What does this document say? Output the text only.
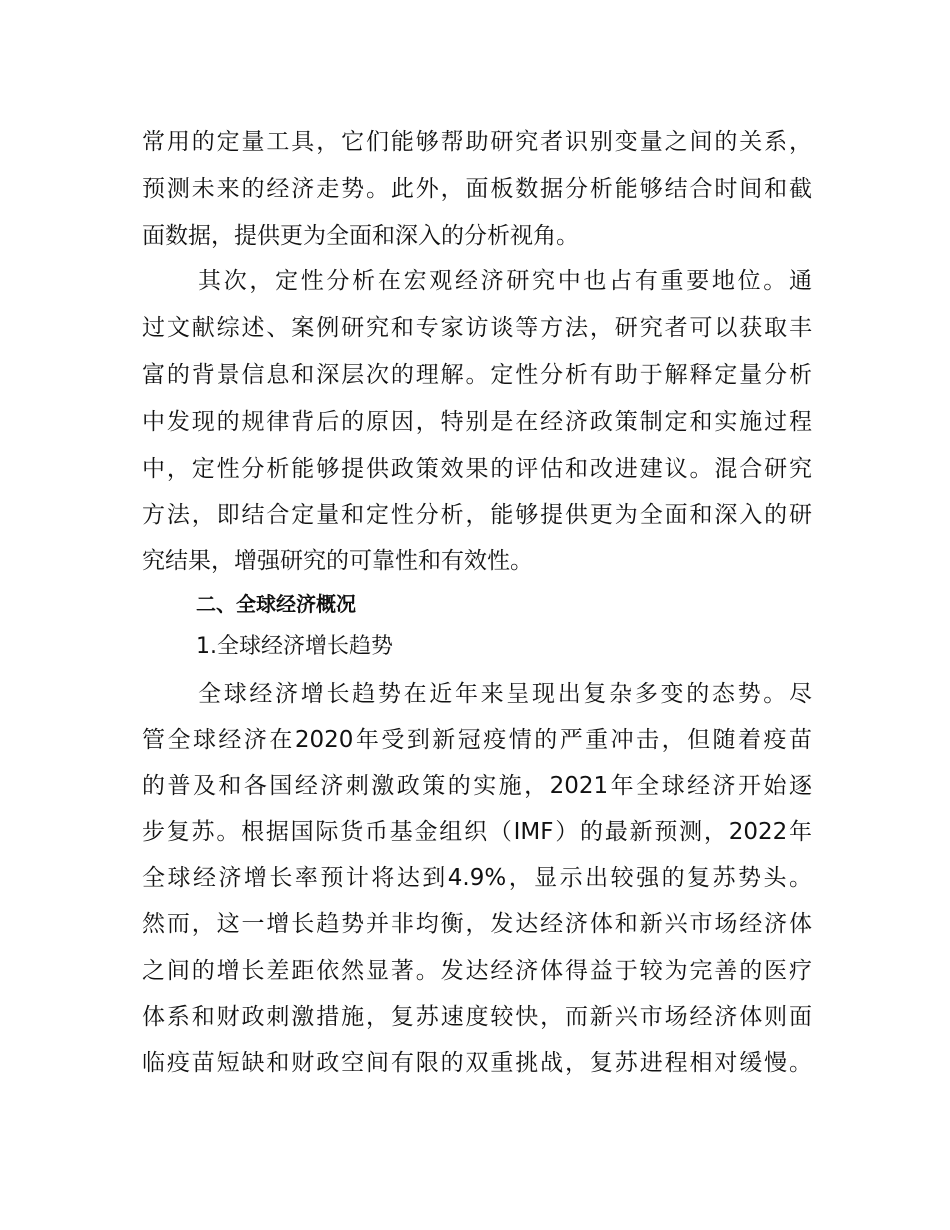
常用的定量工具，它们能够帮助研究者识别变量之间的关系，
预测未来的经济走势。此外，面板数据分析能够结合时间和截
面数据，提供更为全面和深入的分析视角。
其次，定性分析在宏观经济研究中也占有重要地位。通
过文献综述、案例研究和专家访谈等方法，研究者可以获取丰
富的背景信息和深层次的理解。定性分析有助于解释定量分析
中发现的规律背后的原因，特别是在经济政策制定和实施过程
中，定性分析能够提供政策效果的评估和改进建议。混合研究
方法，即结合定量和定性分析，能够提供更为全面和深入的研
究结果，增强研究的可靠性和有效性。
二、全球经济概况
1.全球经济增长趋势
全球经济增长趋势在近年来呈现出复杂多变的态势。尽
管全球经济在2020年受到新冠疫情的严重冲击，但随着疫苗
的普及和各国经济刺激政策的实施，2021年全球经济开始逐
步复苏。根据国际货币基金组织（IMF）的最新预测，2022年
全球经济增长率预计将达到4.9%，显示出较强的复苏势头。
然而，这一增长趋势并非均衡，发达经济体和新兴市场经济体
之间的增长差距依然显著。发达经济体得益于较为完善的医疗
体系和财政刺激措施，复苏速度较快，而新兴市场经济体则面
临疫苗短缺和财政空间有限的双重挑战，复苏进程相对缓慢。
